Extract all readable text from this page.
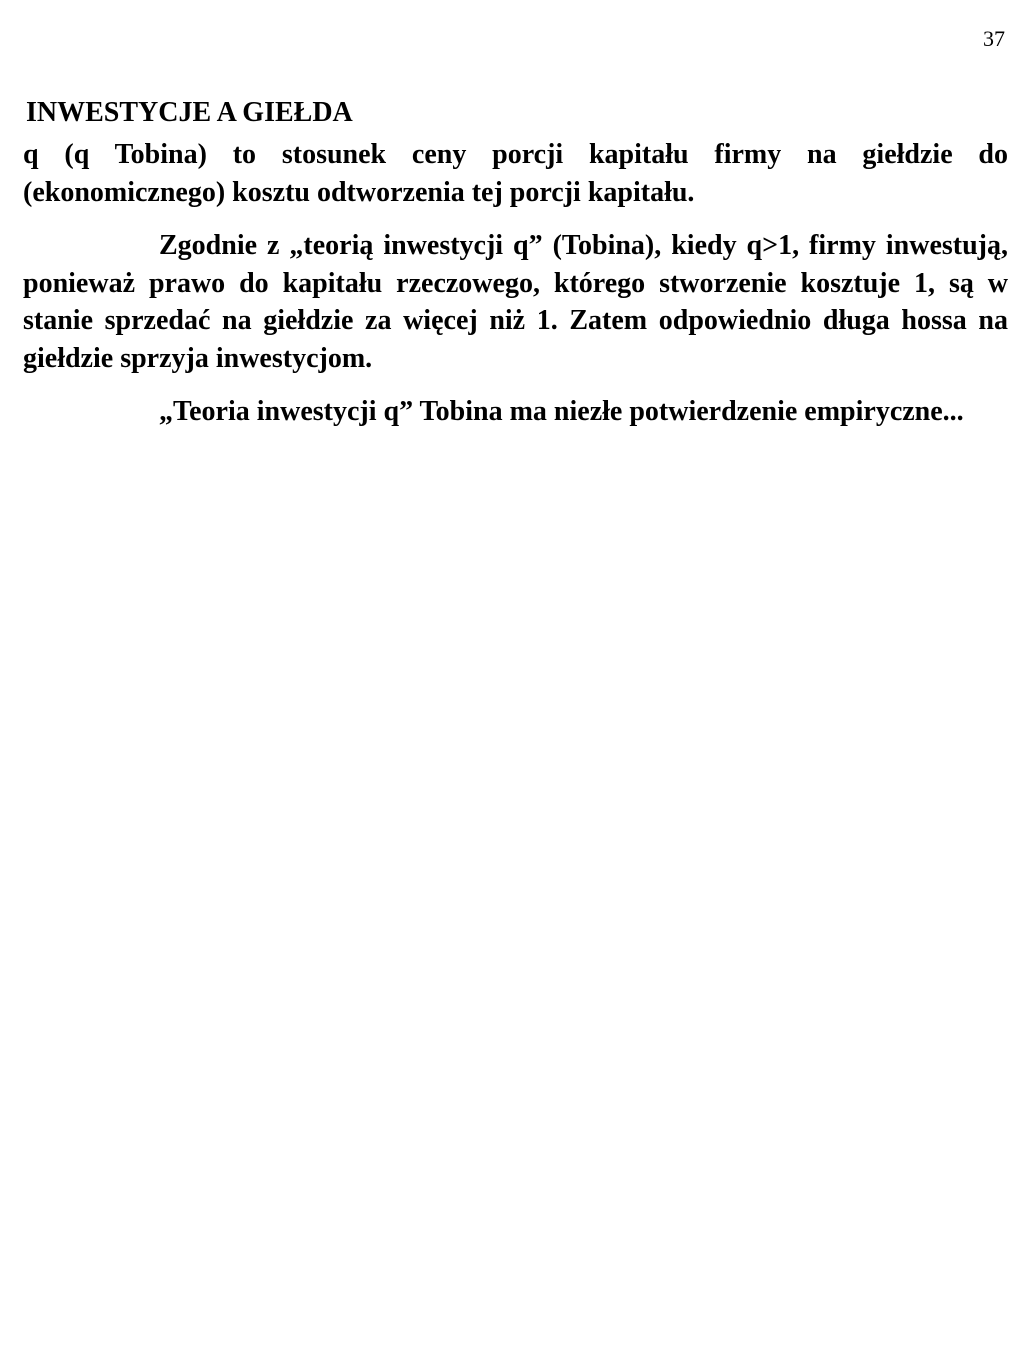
37
INWESTYCJE A GIEŁDA

q (q Tobina) to stosunek ceny porcji kapitału firmy na giełdzie do (ekonomicznego) kosztu odtworzenia tej porcji kapitału.

Zgodnie z „teorią inwestycji q” (Tobina), kiedy q>1, firmy inwestują, ponieważ prawo do kapitału rzeczowego, którego stworzenie kosztuje 1, są w stanie sprzedać na giełdzie za więcej niż 1. Zatem odpowiednio długa hossa na giełdzie sprzyja inwestycjom.

„Teoria inwestycji q” Tobina ma niezłe potwierdzenie empiryczne...
